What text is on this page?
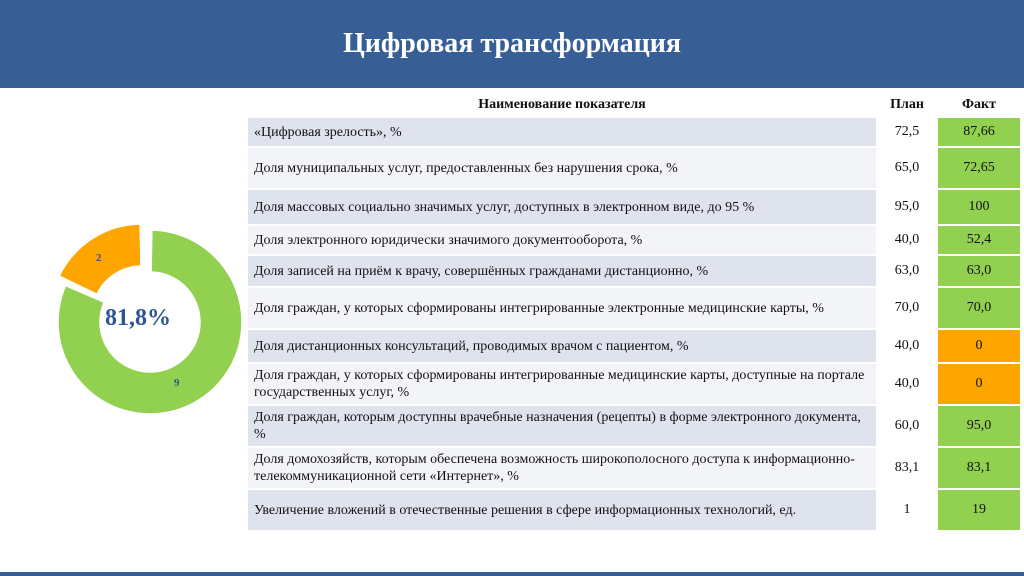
Цифровая трансформация
81,8%
2
9
Наименование показателя	План	Факт
«Цифровая зрелость», %	72,5	87,66
Доля муниципальных услуг, предоставленных без нарушения срока, %	65,0	72,65
Доля массовых социально значимых услуг, доступных в электронном виде, до 95 %	95,0	100
Доля электронного юридически значимого документооборота, %	40,0	52,4
Доля записей на приём к врачу, совершённых гражданами дистанционно, %	63,0	63,0
Доля граждан, у которых сформированы интегрированные электронные медицинские карты, %	70,0	70,0
Доля дистанционных консультаций, проводимых врачом с пациентом, %	40,0	0
Доля граждан, у которых сформированы интегрированные медицинские карты, доступные на портале государственных услуг, %	40,0	0
Доля граждан, которым доступны врачебные назначения (рецепты) в форме электронного документа, %	60,0	95,0
Доля домохозяйств, которым обеспечена возможность широкополосного доступа к информационно-телекоммуникационной сети «Интернет», %	83,1	83,1
Увеличение вложений в отечественные решения в сфере информационных технологий, ед.	1	19
